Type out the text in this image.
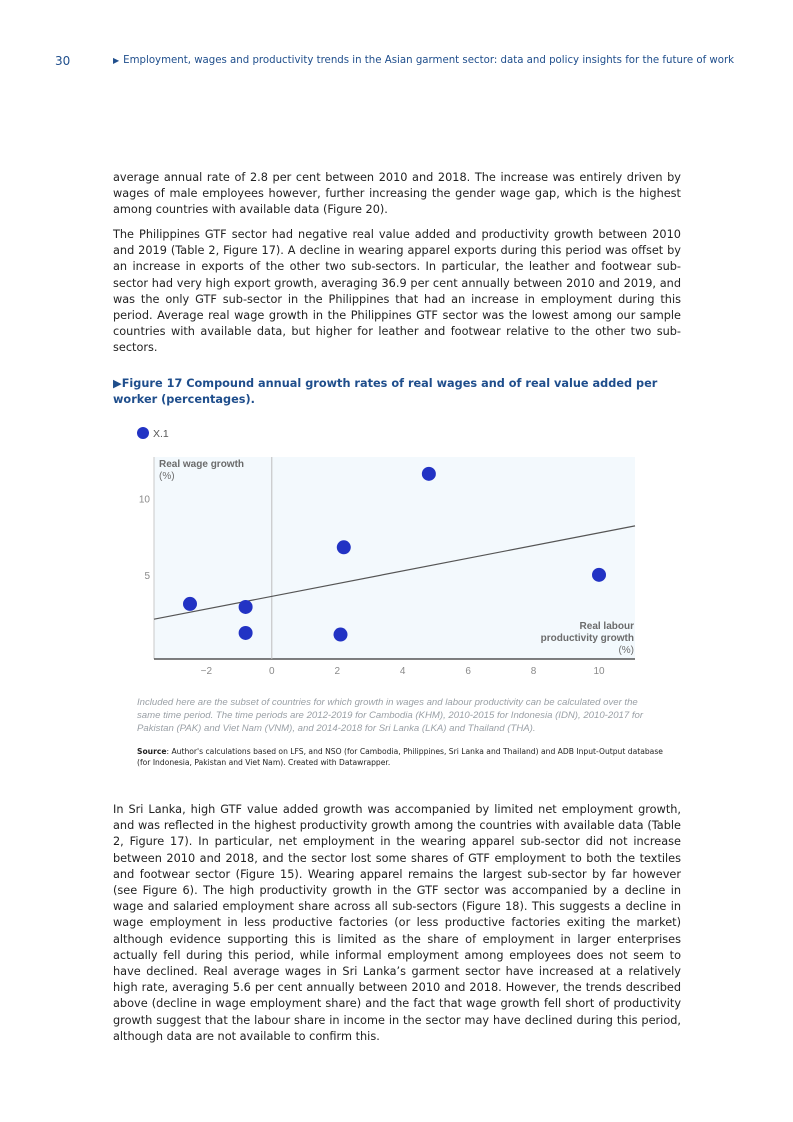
30	▶ Employment, wages and productivity trends in the Asian garment sector: data and policy insights for the future of work

average annual rate of 2.8 per cent between 2010 and 2018. The increase was entirely driven by wages of male employees however, further increasing the gender wage gap, which is the highest among countries with available data (Figure 20).

The Philippines GTF sector had negative real value added and productivity growth between 2010 and 2019 (Table 2, Figure 17). A decline in wearing apparel exports during this period was offset by an increase in exports of the other two sub-sectors. In particular, the leather and footwear sub-sector had very high export growth, averaging 36.9 per cent annually between 2010 and 2019, and was the only GTF sub-sector in the Philippines that had an increase in employment during this period. Average real wage growth in the Philippines GTF sector was the lowest among our sample countries with available data, but higher for leather and footwear relative to the other two sub-sectors.

▶Figure 17 Compound annual growth rates of real wages and of real value added per worker (percentages).
X.1
−2	0	2	4	6	8	10
5
10
Real wage growth
(%)
Real labour
productivity growth
(%)
Included here are the subset of countries for which growth in wages and labour productivity can be calculated over the same time period. The time periods are 2012-2019 for Cambodia (KHM), 2010-2015 for Indonesia (IDN), 2010-2017 for Pakistan (PAK) and Viet Nam (VNM), and 2014-2018 for Sri Lanka (LKA) and Thailand (THA).
Source: Author's calculations based on LFS, and NSO (for Cambodia, Philippines, Sri Lanka and Thailand) and ADB Input-Output database (for Indonesia, Pakistan and Viet Nam). Created with Datawrapper.

In Sri Lanka, high GTF value added growth was accompanied by limited net employment growth, and was reflected in the highest productivity growth among the countries with available data (Table 2, Figure 17). In particular, net employment in the wearing apparel sub-sector did not increase between 2010 and 2018, and the sector lost some shares of GTF employment to both the textiles and footwear sector (Figure 15). Wearing apparel remains the largest sub-sector by far however (see Figure 6). The high productivity growth in the GTF sector was accompanied by a decline in wage and salaried employment share across all sub-sectors (Figure 18). This suggests a decline in wage employment in less productive factories (or less productive factories exiting the market) although evidence supporting this is limited as the share of employment in larger enterprises actually fell during this period, while informal employment among employees does not seem to have declined. Real average wages in Sri Lanka’s garment sector have increased at a relatively high rate, averaging 5.6 per cent annually between 2010 and 2018. However, the trends described above (decline in wage employment share) and the fact that wage growth fell short of productivity growth suggest that the labour share in income in the sector may have declined during this period, although data are not available to confirm this.
